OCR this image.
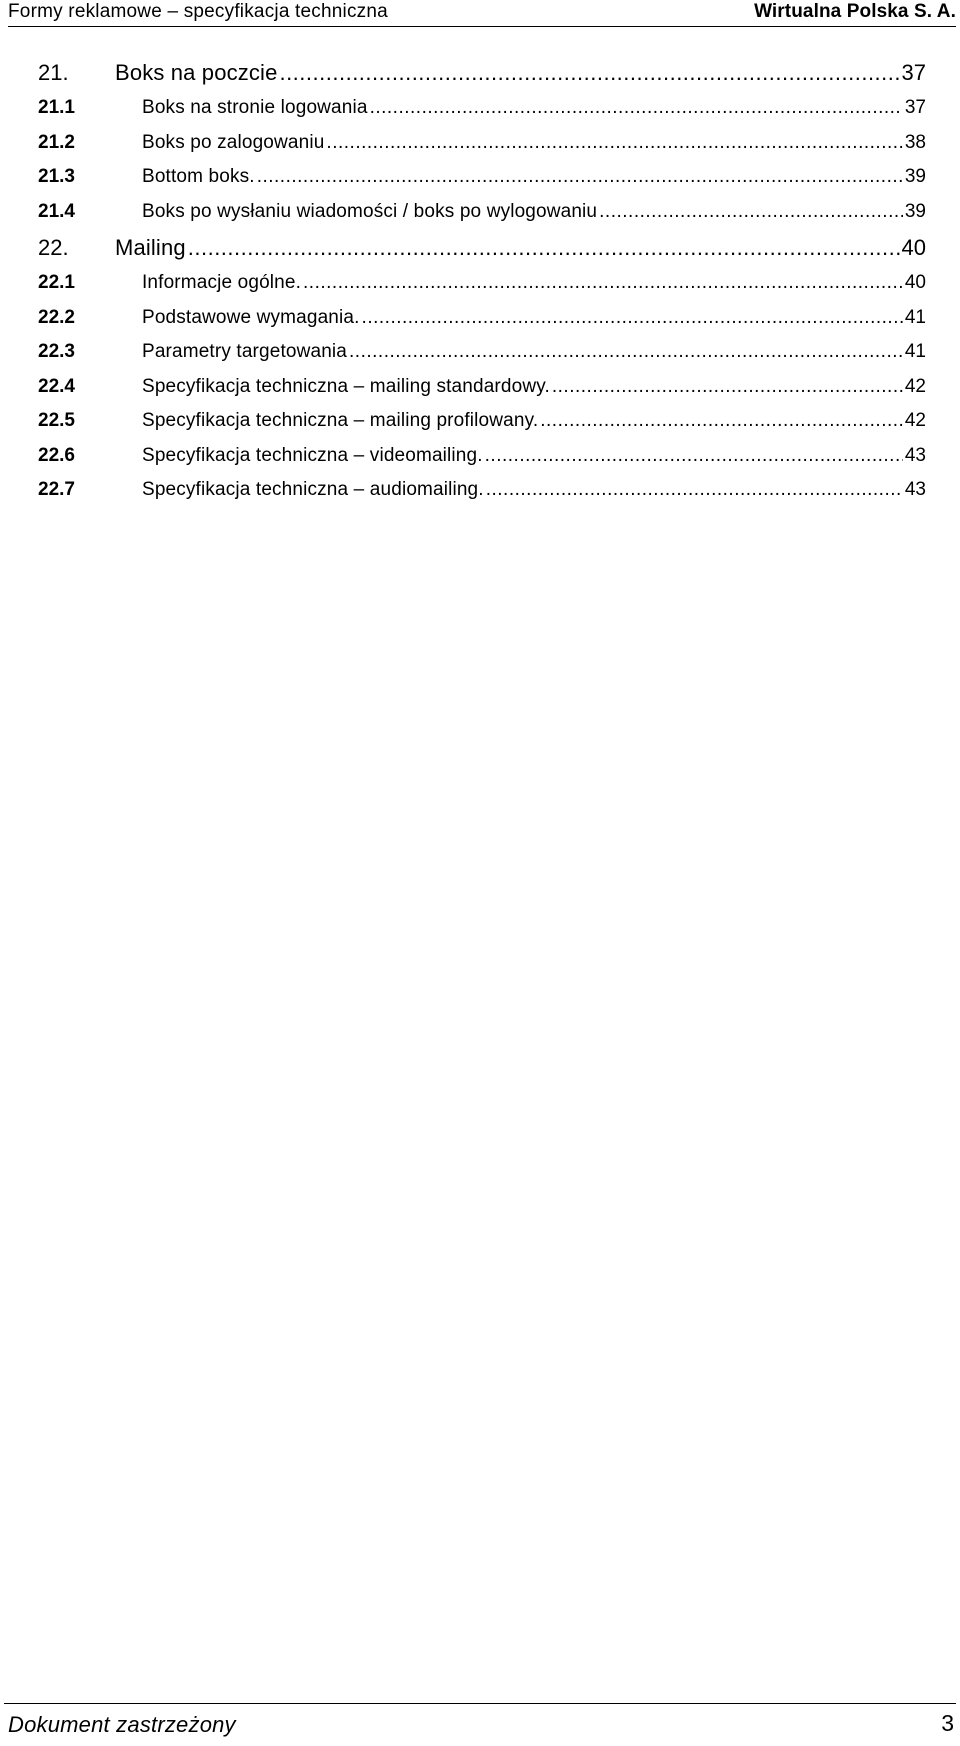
Formy reklamowe – specyfikacja techniczna	Wirtualna Polska S. A.
21.	Boks na poczcie .....	37
21.1	Boks na stronie logowania .....	37
21.2	Boks po zalogowaniu .....	38
21.3	Bottom boks. .....	39
21.4	Boks po wysłaniu wiadomości / boks po wylogowaniu .....	39
22.	Mailing .....	40
22.1	Informacje ogólne. .....	40
22.2	Podstawowe wymagania. .....	41
22.3	Parametry targetowania .....	41
22.4	Specyfikacja techniczna – mailing standardowy. .....	42
22.5	Specyfikacja techniczna – mailing profilowany. .....	42
22.6	Specyfikacja techniczna – videomailing. .....	43
22.7	Specyfikacja techniczna – audiomailing. .....	43
Dokument zastrzeżony	3
